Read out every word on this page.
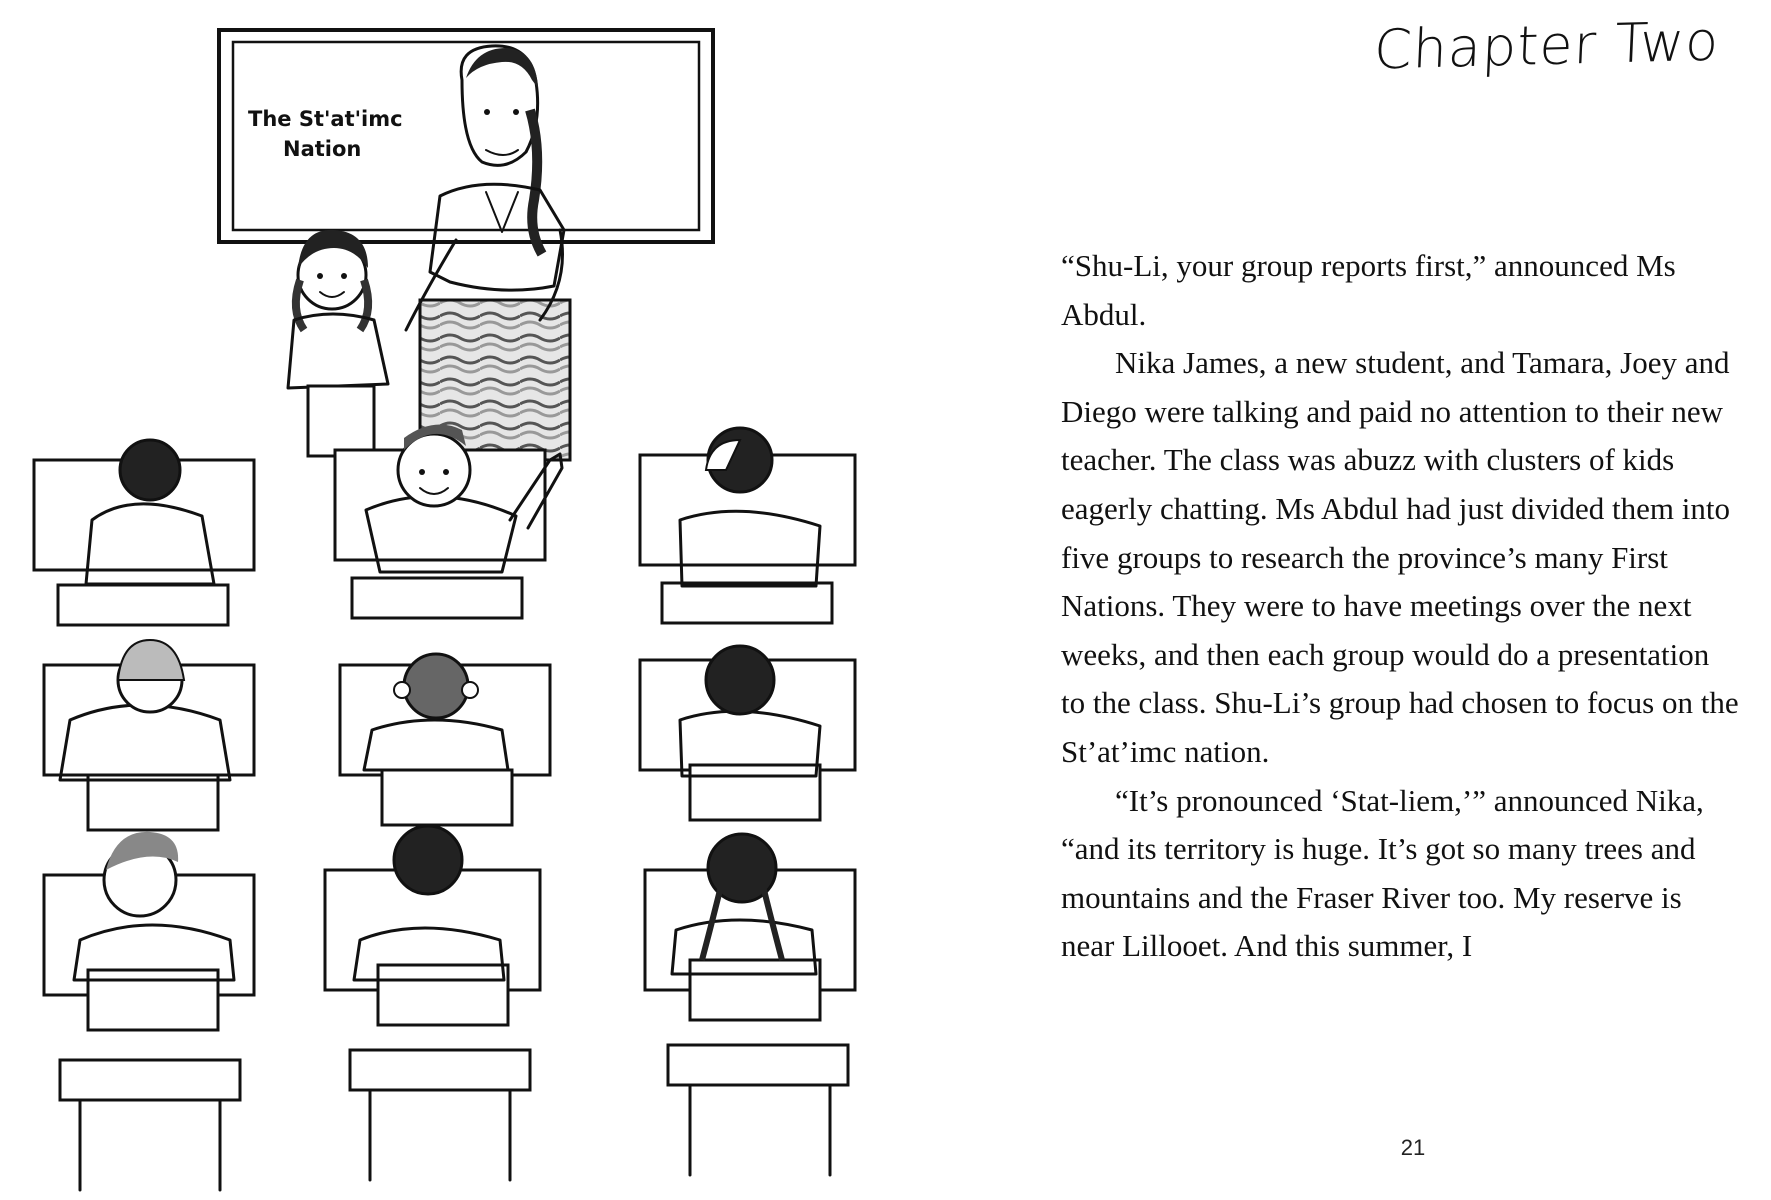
The St'at'imc
Nation
Chapter Two

“Shu-Li, your group reports first,” announced Ms Abdul.

Nika James, a new student, and Tamara, Joey and Diego were talking and paid no attention to their new teacher. The class was abuzz with clusters of kids eagerly chatting. Ms Abdul had just divided them into five groups to research the province’s many First Nations. They were to have meetings over the next weeks, and then each group would do a presentation to the class. Shu-Li’s group had chosen to focus on the St’at’imc nation.

“It’s pronounced ‘Stat-liem,’” announced Nika, “and its territory is huge. It’s got so many trees and mountains and the Fraser River too. My reserve is near Lillooet. And this summer, I

21
